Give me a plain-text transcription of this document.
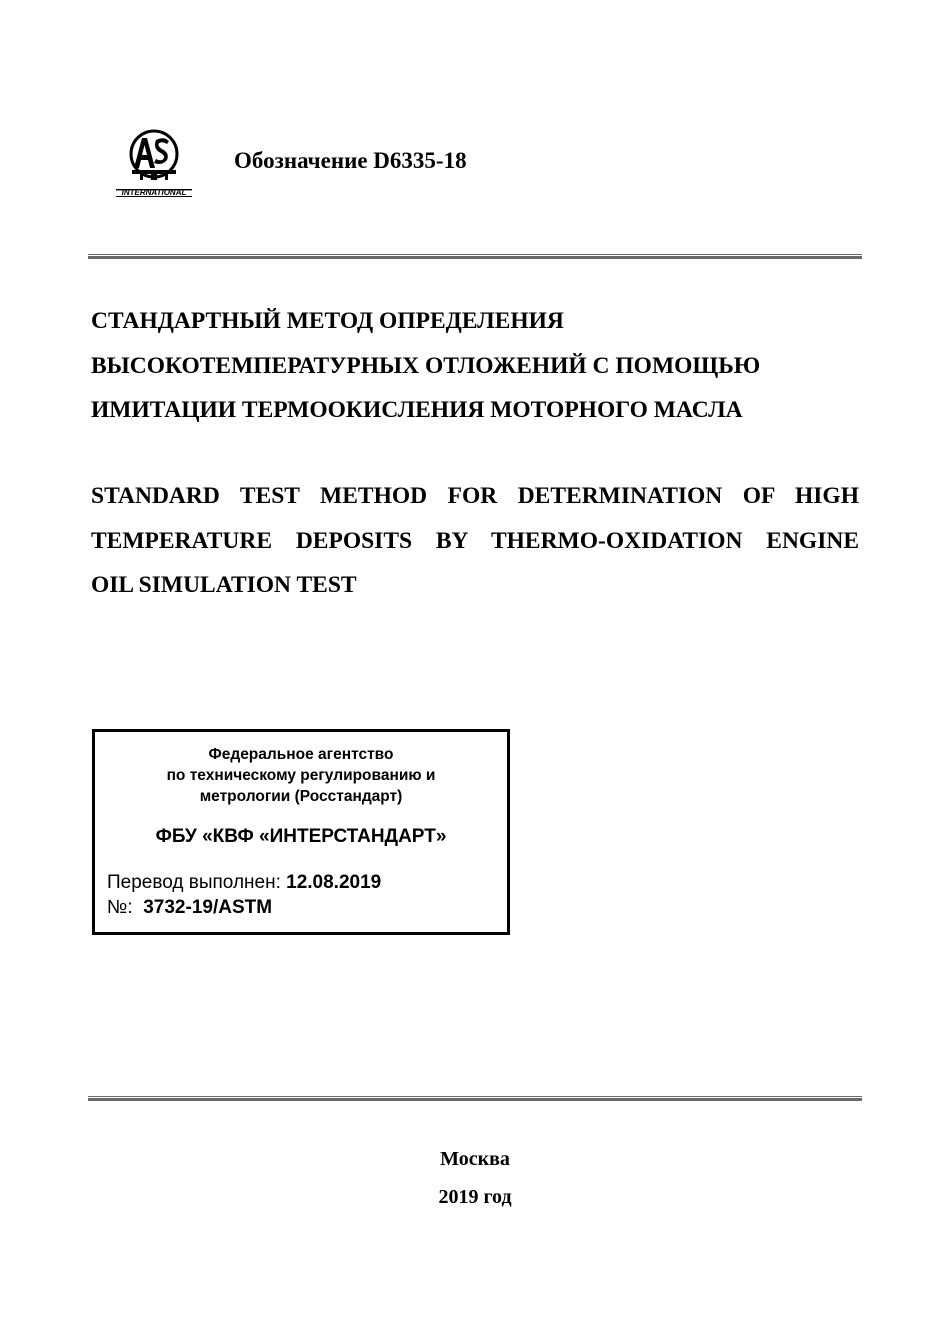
INTERNATIONAL
Обозначение D6335-18
СТАНДАРТНЫЙ МЕТОД ОПРЕДЕЛЕНИЯ
ВЫСОКОТЕМПЕРАТУРНЫХ ОТЛОЖЕНИЙ С ПОМОЩЬЮ
ИМИТАЦИИ ТЕРМООКИСЛЕНИЯ МОТОРНОГО МАСЛА
STANDARD TEST METHOD FOR DETERMINATION OF HIGH
TEMPERATURE DEPOSITS BY THERMO-OXIDATION ENGINE
OIL SIMULATION TEST
Федеральное агентство
по техническому регулированию и
метрологии (Росстандарт)
ФБУ «КВФ «ИНТЕРСТАНДАРТ»
Перевод выполнен: 12.08.2019
№:  3732-19/ASTM
Москва
2019 год
